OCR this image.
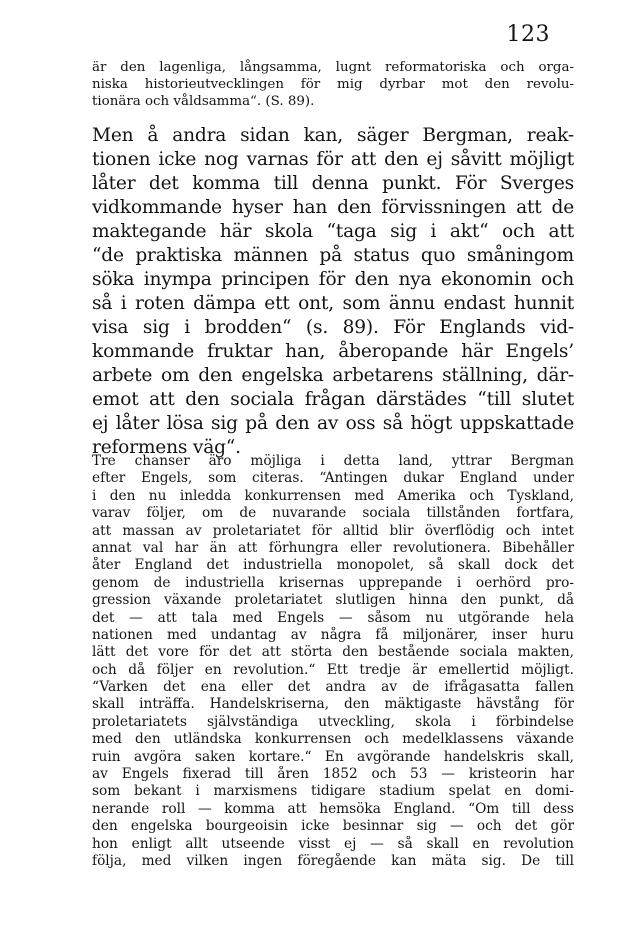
123
är den lagenliga, långsamma, lugnt reformatoriska och orga-
niska historieutvecklingen för mig dyrbar mot den revolu-
tionära och våldsamma“. (S. 89).
Men å andra sidan kan, säger Bergman, reak-
tionen icke nog varnas för att den ej såvitt möjligt
låter det komma till denna punkt. För Sverges
vidkommande hyser han den förvissningen att de
maktegande här skola “taga sig i akt“ och att
“de praktiska männen på status quo småningom
söka inympa principen för den nya ekonomin och
så i roten dämpa ett ont, som ännu endast hunnit
visa sig i brodden“ (s. 89). För Englands vid-
kommande fruktar han, åberopande här Engels’
arbete om den engelska arbetarens ställning, där-
emot att den sociala frågan därstädes “till slutet
ej låter lösa sig på den av oss så högt uppskattade
reformens väg“.
Tre chanser äro möjliga i detta land, yttrar Bergman
efter Engels, som citeras. “Antingen dukar England under
i den nu inledda konkurrensen med Amerika och Tyskland,
varav följer, om de nuvarande sociala tillstånden fortfara,
att massan av proletariatet för alltid blir överflödig och intet
annat val har än att förhungra eller revolutionera. Bibehåller
åter England det industriella monopolet, så skall dock det
genom de industriella krisernas upprepande i oerhörd pro-
gression växande proletariatet slutligen hinna den punkt, då
det — att tala med Engels — såsom nu utgörande hela
nationen med undantag av några få miljonärer, inser huru
lätt det vore för det att störta den bestående sociala makten,
och då följer en revolution.“ Ett tredje är emellertid möjligt.
“Varken det ena eller det andra av de ifrågasatta fallen
skall inträffa. Handelskriserna, den mäktigaste hävstång för
proletariatets självständiga utveckling, skola i förbindelse
med den utländska konkurrensen och medelklassens växande
ruin avgöra saken kortare.“ En avgörande handelskris skall,
av Engels fixerad till åren 1852 och 53 — kristeorin har
som bekant i marxismens tidigare stadium spelat en domi-
nerande roll — komma att hemsöka England. “Om till dess
den engelska bourgeoisin icke besinnar sig — och det gör
hon enligt allt utseende visst ej — så skall en revolution
följa, med vilken ingen föregående kan mäta sig. De till
